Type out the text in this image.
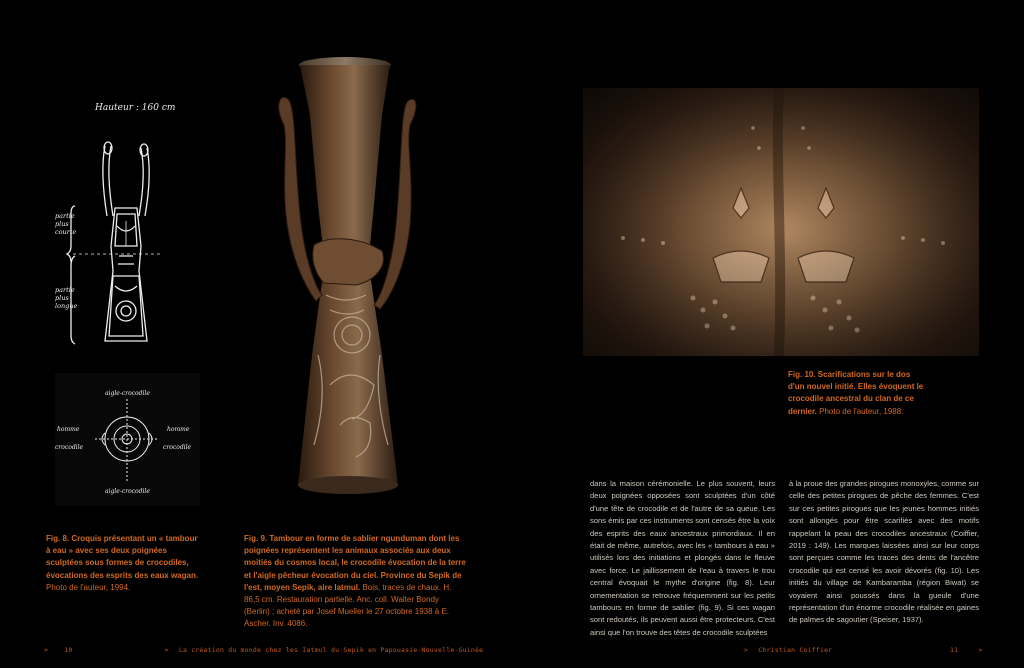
Hauteur : 160 cm
partie
plus
courte
partie
plus
longue
aigle-crocodile
homme
crocodile
homme
crocodile
aigle-crocodile
Fig. 8. Croquis présentant un « tambour à eau » avec ses deux poignées sculptées sous formes de crocodiles, évocations des esprits des eaux wagan. Photo de l'auteur, 1994.
Fig. 9. Tambour en forme de sablier ngunduman dont les poignées représentent les animaux associés aux deux moitiés du cosmos local, le crocodile évocation de la terre et l'aigle pêcheur évocation du ciel. Province du Sepik de l'est, moyen Sepik, aire Iatmul. Bois, traces de chaux. H. 86,5 cm. Restauration partielle. Anc. coll. Walter Bondy (Berlin) ; acheté par Josef Mueller le 27 octobre 1938 à E. Ascher. Inv. 4086.
> 10	> La création du monde chez les Iatmul du Sepik en Papouasie-Nouvelle-Guinée
Fig. 10. Scarifications sur le dos d'un nouvel initié. Elles évoquent le crocodile ancestral du clan de ce dernier. Photo de l'auteur, 1988.
dans la maison cérémonielle. Le plus souvent, leurs deux poignées opposées sont sculptées d'un côté d'une tête de crocodile et de l'autre de sa queue. Les sons émis par ces instruments sont censés être la voix des esprits des eaux ancestraux primordiaux. Il en était de même, autrefois, avec les « tambours à eau » utilisés lors des initiations et plongés dans le fleuve avec force. Le jaillissement de l'eau à travers le trou central évoquait le mythe d'origine (fig. 8). Leur ornementation se retrouve fréquemment sur les petits tambours en forme de sablier (fig. 9). Si ces wagan sont redoutés, ils peuvent aussi être protecteurs. C'est ainsi que l'on trouve des têtes de crocodile sculptées
à la proue des grandes pirogues monoxyles, comme sur celle des petites pirogues de pêche des femmes. C'est sur ces petites pirogues que les jeunes hommes initiés sont allongés pour être scarifiés avec des motifs rappelant la peau des crocodiles ancestraux (Coiffier, 2019 : 149). Les marques laissées ainsi sur leur corps sont perçues comme les traces des dents de l'ancêtre crocodile qui est censé les avoir dévorés (fig. 10). Les initiés du village de Kambaramba (région Biwat) se voyaient ainsi poussés dans la gueule d'une représentation d'un énorme crocodile réalisée en gaines de palmes de sagoutier (Speiser, 1937).
> Christian Coiffier	11	>
